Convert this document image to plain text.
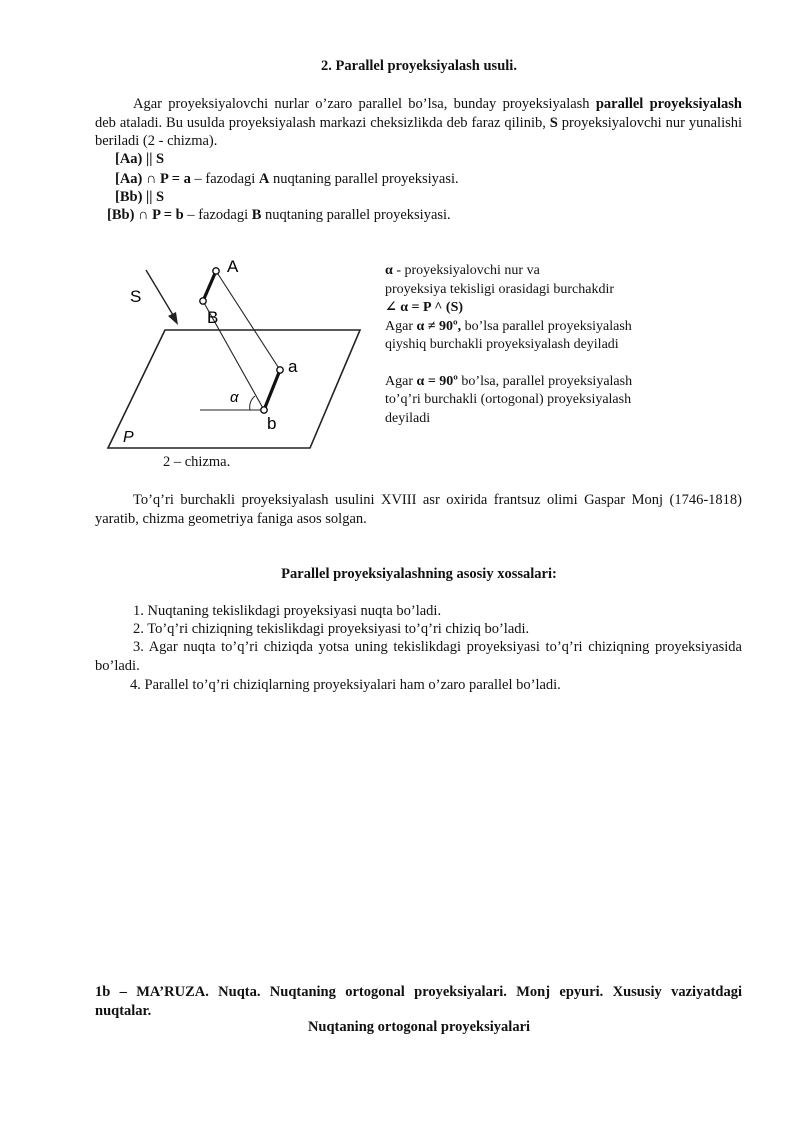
2. Parallel proyeksiyalash usuli.
Agar proyeksiyalovchi nurlar o’zaro parallel bo’lsa, bunday proyeksiyalash parallel proyeksiyalash deb ataladi. Bu usulda proyeksiyalash markazi cheksizlikda deb faraz qilinib, S proyeksiyalovchi nur yunalishi beriladi (2 - chizma).
[Aa) || S
[Aa) ∩ P = a – fazodagi A nuqtaning parallel proyeksiyasi.
[Bb) || S
[Bb) ∩ P = b – fazodagi B nuqtaning parallel proyeksiyasi.
S
A
B
a
b
α
P
2 – chizma.
α - proyeksiyalovchi nur va
proyeksiya tekisligi orasidagi burchakdir
∠ α = P ^ (S)
Agar α ≠ 90º, bo’lsa parallel proyeksiyalash
qiyshiq burchakli proyeksiyalash deyiladi
Agar α = 90º bo’lsa, parallel proyeksiyalash
to’q’ri burchakli (ortogonal) proyeksiyalash
deyiladi
To’q’ri burchakli proyeksiyalash usulini XVIII asr oxirida frantsuz olimi Gaspar Monj (1746-1818) yaratib, chizma geometriya faniga asos solgan.
Parallel proyeksiyalashning asosiy xossalari:
1. Nuqtaning tekislikdagi proyeksiyasi nuqta bo’ladi.
2. To’q’ri chiziqning tekislikdagi proyeksiyasi to’q’ri chiziq bo’ladi.
3. Agar nuqta to’q’ri chiziqda yotsa uning tekislikdagi proyeksiyasi to’q’ri chiziqning proyeksiyasida bo’ladi.
4. Parallel to’q’ri chiziqlarning proyeksiyalari ham o’zaro parallel bo’ladi.
1b – MA’RUZA. Nuqta. Nuqtaning ortogonal proyeksiyalari. Monj epyuri. Xususiy vaziyatdagi nuqtalar.
Nuqtaning ortogonal proyeksiyalari
